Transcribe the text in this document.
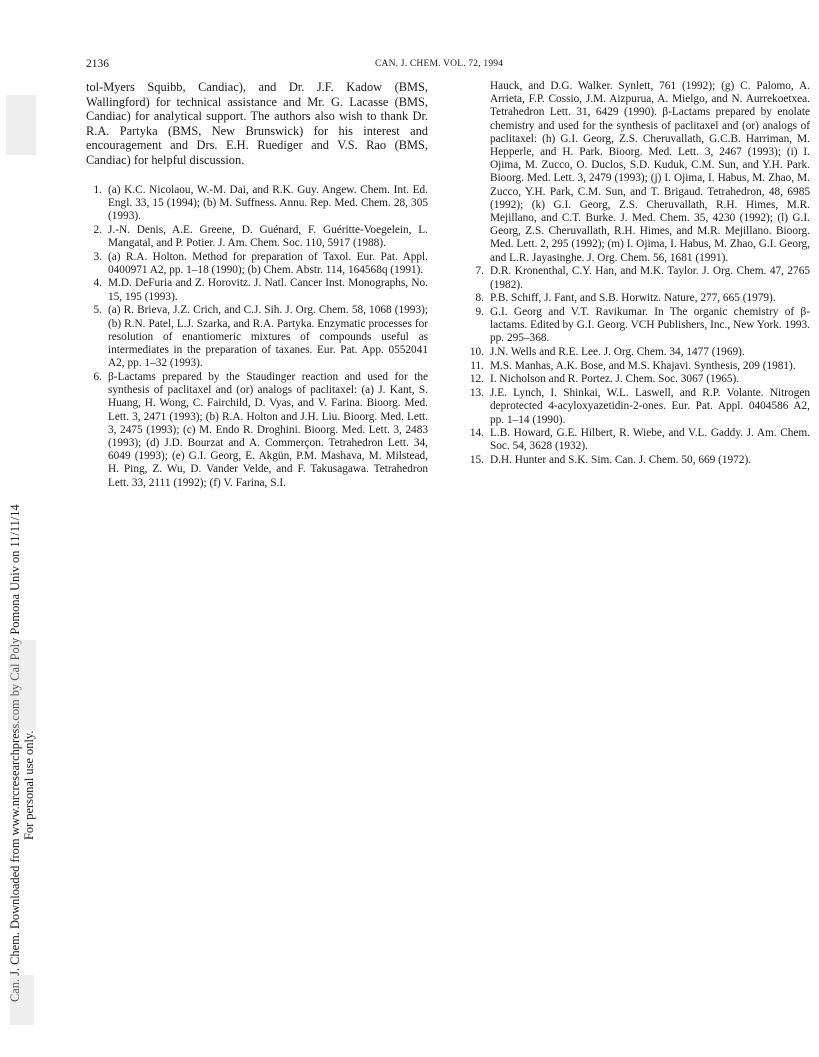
2136	CAN. J. CHEM. VOL. 72, 1994

tol-Myers Squibb, Candiac), and Dr. J.F. Kadow (BMS, Wallingford) for technical assistance and Mr. G. Lacasse (BMS, Candiac) for analytical support. The authors also wish to thank Dr. R.A. Partyka (BMS, New Brunswick) for his interest and encouragement and Drs. E.H. Ruediger and V.S. Rao (BMS, Candiac) for helpful discussion.

1. (a) K.C. Nicolaou, W.-M. Dai, and R.K. Guy. Angew. Chem. Int. Ed. Engl. 33, 15 (1994); (b) M. Suffness. Annu. Rep. Med. Chem. 28, 305 (1993).
2. J.-N. Denis, A.E. Greene, D. Guénard, F. Guéritte-Voegelein, L. Mangatal, and P. Potier. J. Am. Chem. Soc. 110, 5917 (1988).
3. (a) R.A. Holton. Method for preparation of Taxol. Eur. Pat. Appl. 0400971 A2, pp. 1–18 (1990); (b) Chem. Abstr. 114, 164568q (1991).
4. M.D. DeFuria and Z. Horovitz. J. Natl. Cancer Inst. Monographs, No. 15, 195 (1993).
5. (a) R. Brieva, J.Z. Crich, and C.J. Sih. J. Org. Chem. 58, 1068 (1993); (b) R.N. Patel, L.J. Szarka, and R.A. Partyka. Enzymatic processes for resolution of enantiomeric mixtures of compounds useful as intermediates in the preparation of taxanes. Eur. Pat. App. 0552041 A2, pp. 1–32 (1993).
6. β-Lactams prepared by the Staudinger reaction and used for the synthesis of paclitaxel and (or) analogs of paclitaxel: (a) J. Kant, S. Huang, H. Wong, C. Fairchild, D. Vyas, and V. Farina. Bioorg. Med. Lett. 3, 2471 (1993); (b) R.A. Holton and J.H. Liu. Bioorg. Med. Lett. 3, 2475 (1993); (c) M. Endo R. Droghini. Bioorg. Med. Lett. 3, 2483 (1993); (d) J.D. Bourzat and A. Commerçon. Tetrahedron Lett. 34, 6049 (1993); (e) G.I. Georg, E. Akgün, P.M. Mashava, M. Milstead, H. Ping, Z. Wu, D. Vander Velde, and F. Takusagawa. Tetrahedron Lett. 33, 2111 (1992); (f) V. Farina, S.I.

Hauck, and D.G. Walker. Synlett, 761 (1992); (g) C. Palomo, A. Arrieta, F.P. Cossio, J.M. Aizpurua, A. Mielgo, and N. Aurrekoetxea. Tetrahedron Lett. 31, 6429 (1990). β-Lactams prepared by enolate chemistry and used for the synthesis of paclitaxel and (or) analogs of paclitaxel: (h) G.I. Georg, Z.S. Cheruvallath, G.C.B. Harriman, M. Hepperle, and H. Park. Bioorg. Med. Lett. 3, 2467 (1993); (i) I. Ojima, M. Zucco, O. Duclos, S.D. Kuduk, C.M. Sun, and Y.H. Park. Bioorg. Med. Lett. 3, 2479 (1993); (j) I. Ojima, I. Habus, M. Zhao, M. Zucco, Y.H. Park, C.M. Sun, and T. Brigaud. Tetrahedron, 48, 6985 (1992); (k) G.I. Georg, Z.S. Cheruvallath, R.H. Himes, M.R. Mejillano, and C.T. Burke. J. Med. Chem. 35, 4230 (1992); (l) G.I. Georg, Z.S. Cheruvallath, R.H. Himes, and M.R. Mejillano. Bioorg. Med. Lett. 2, 295 (1992); (m) I. Ojima, I. Habus, M. Zhao, G.I. Georg, and L.R. Jayasinghe. J. Org. Chem. 56, 1681 (1991).

7. D.R. Kronenthal, C.Y. Han, and M.K. Taylor. J. Org. Chem. 47, 2765 (1982).
8. P.B. Schiff, J. Fant, and S.B. Horwitz. Nature, 277, 665 (1979).
9. G.I. Georg and V.T. Ravikumar. In The organic chemistry of β-lactams. Edited by G.I. Georg. VCH Publishers, Inc., New York. 1993. pp. 295–368.
10. J.N. Wells and R.E. Lee. J. Org. Chem. 34, 1477 (1969).
11. M.S. Manhas, A.K. Bose, and M.S. Khajavi. Synthesis, 209 (1981).
12. I. Nicholson and R. Portez. J. Chem. Soc. 3067 (1965).
13. J.E. Lynch, I. Shinkai, W.L. Laswell, and R.P. Volante. Nitrogen deprotected 4-acyloxyazetidin-2-ones. Eur. Pat. Appl. 0404586 A2, pp. 1–14 (1990).
14. L.B. Howard, G.E. Hilbert, R. Wiebe, and V.L. Gaddy. J. Am. Chem. Soc. 54, 3628 (1932).
15. D.H. Hunter and S.K. Sim. Can. J. Chem. 50, 669 (1972).
Can. J. Chem. Downloaded from www.nrcresearchpress.com by Cal Poly Pomona Univ on 11/11/14 For personal use only.
